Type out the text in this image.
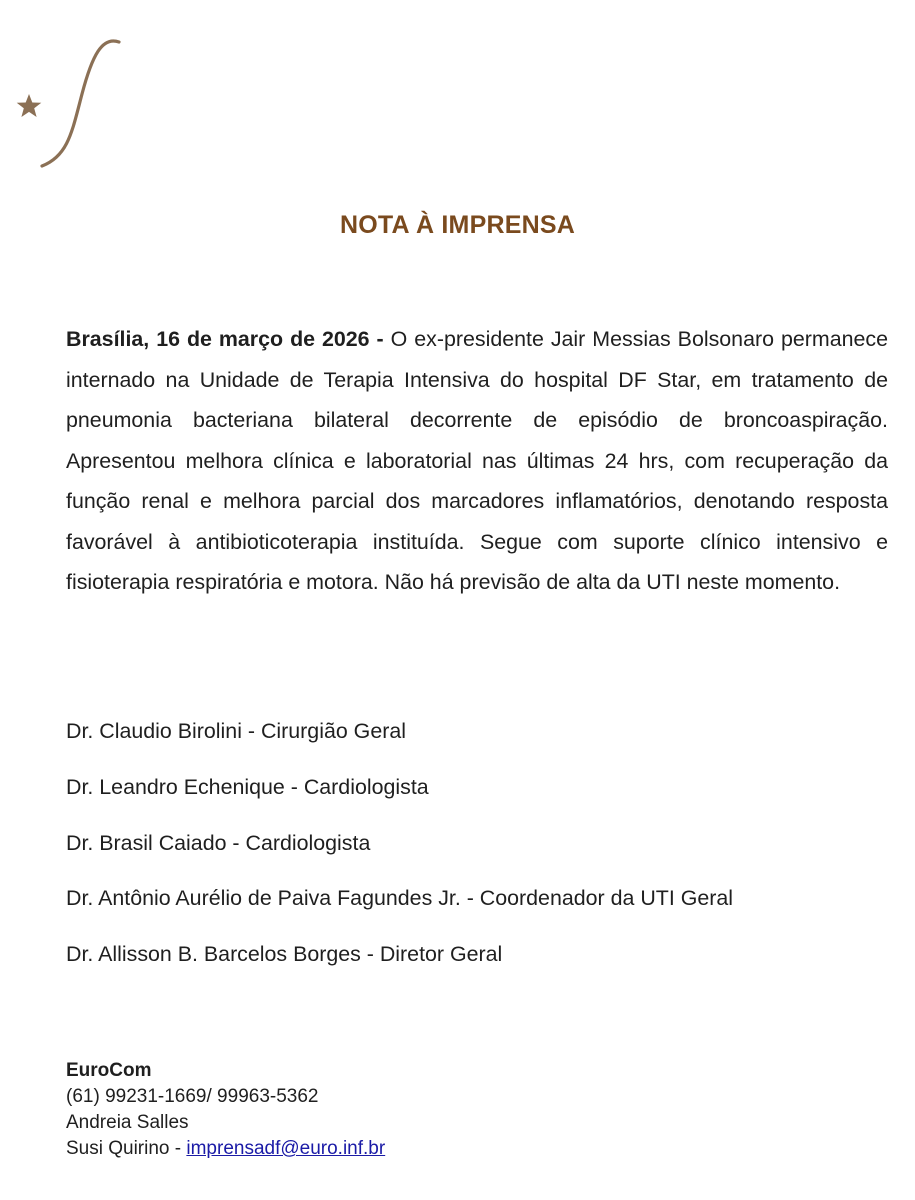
NOTA À IMPRENSA

Brasília, 16 de março de 2026 - O ex-presidente Jair Messias Bolsonaro permanece internado na Unidade de Terapia Intensiva do hospital DF Star, em tratamento de pneumonia bacteriana bilateral decorrente de episódio de broncoaspiração. Apresentou melhora clínica e laboratorial nas últimas 24 hrs, com recuperação da função renal e melhora parcial dos marcadores inflamatórios, denotando resposta favorável à antibioticoterapia instituída. Segue com suporte clínico intensivo e fisioterapia respiratória e motora. Não há previsão de alta da UTI neste momento.

Dr. Claudio Birolini - Cirurgião Geral
Dr. Leandro Echenique - Cardiologista
Dr. Brasil Caiado - Cardiologista
Dr. Antônio Aurélio de Paiva Fagundes Jr. - Coordenador da UTI Geral
Dr. Allisson B. Barcelos Borges - Diretor Geral
EuroCom
(61) 99231-1669/ 99963-5362
Andreia Salles
Susi Quirino - imprensadf@euro.inf.br
